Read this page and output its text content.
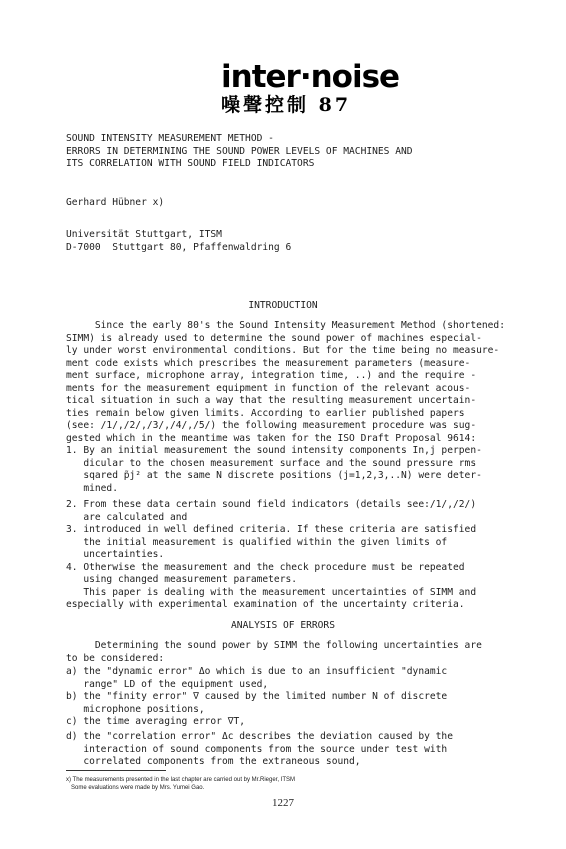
inter·noise
噪聲控制 87

SOUND INTENSITY MEASUREMENT METHOD -

ERRORS IN DETERMINING THE SOUND POWER LEVELS OF MACHINES AND

ITS CORRELATION WITH SOUND FIELD INDICATORS

Gerhard Hübner x)

Universität Stuttgart, ITSM

D-7000  Stuttgart 80, Pfaffenwaldring 6

INTRODUCTION

Since the early 80's the Sound Intensity Measurement Method (shortened:

SIMM) is already used to determine the sound power of machines especial-

ly under worst environmental conditions. But for the time being no measure-

ment code exists which prescribes the measurement parameters (measure-

ment surface, microphone array, integration time, ..) and the require -

ments for the measurement equipment in function of the relevant acous-

tical situation in such a way that the resulting measurement uncertain-

ties remain below given limits. According to earlier published papers

(see: /1/,/2/,/3/,/4/,/5/) the following measurement procedure was sug-

gested which in the meantime was taken for the ISO Draft Proposal 9614:

1. By an initial measurement the sound intensity components In,j perpen-

dicular to the chosen measurement surface and the sound pressure rms

sqared p̃j² at the same N discrete positions (j=1,2,3,..N) were deter-

mined.

2. From these data certain sound field indicators (details see:/1/,/2/)

are calculated and

3. introduced in well defined criteria. If these criteria are satisfied

the initial measurement is qualified within the given limits of

uncertainties.

4. Otherwise the measurement and the check procedure must be repeated

using changed measurement parameters.

This paper is dealing with the measurement uncertainties of SIMM and

especially with experimental examination of the uncertainty criteria.

ANALYSIS OF ERRORS

Determining the sound power by SIMM the following uncertainties are

to be considered:

a) the "dynamic error" Δo which is due to an insufficient "dynamic

range" LD of the equipment used,

b) the "finity error" ∇ caused by the limited number N of discrete

microphone positions,

c) the time averaging error ∇T,

d) the "correlation error" Δc describes the deviation caused by the

interaction of sound components from the source under test with

correlated components from the extraneous sound,

x) The measurements presented in the last chapter are carried out by Mr.Rieger, ITSM

Some evaluations were made by Mrs. Yumei Gao.

1227
